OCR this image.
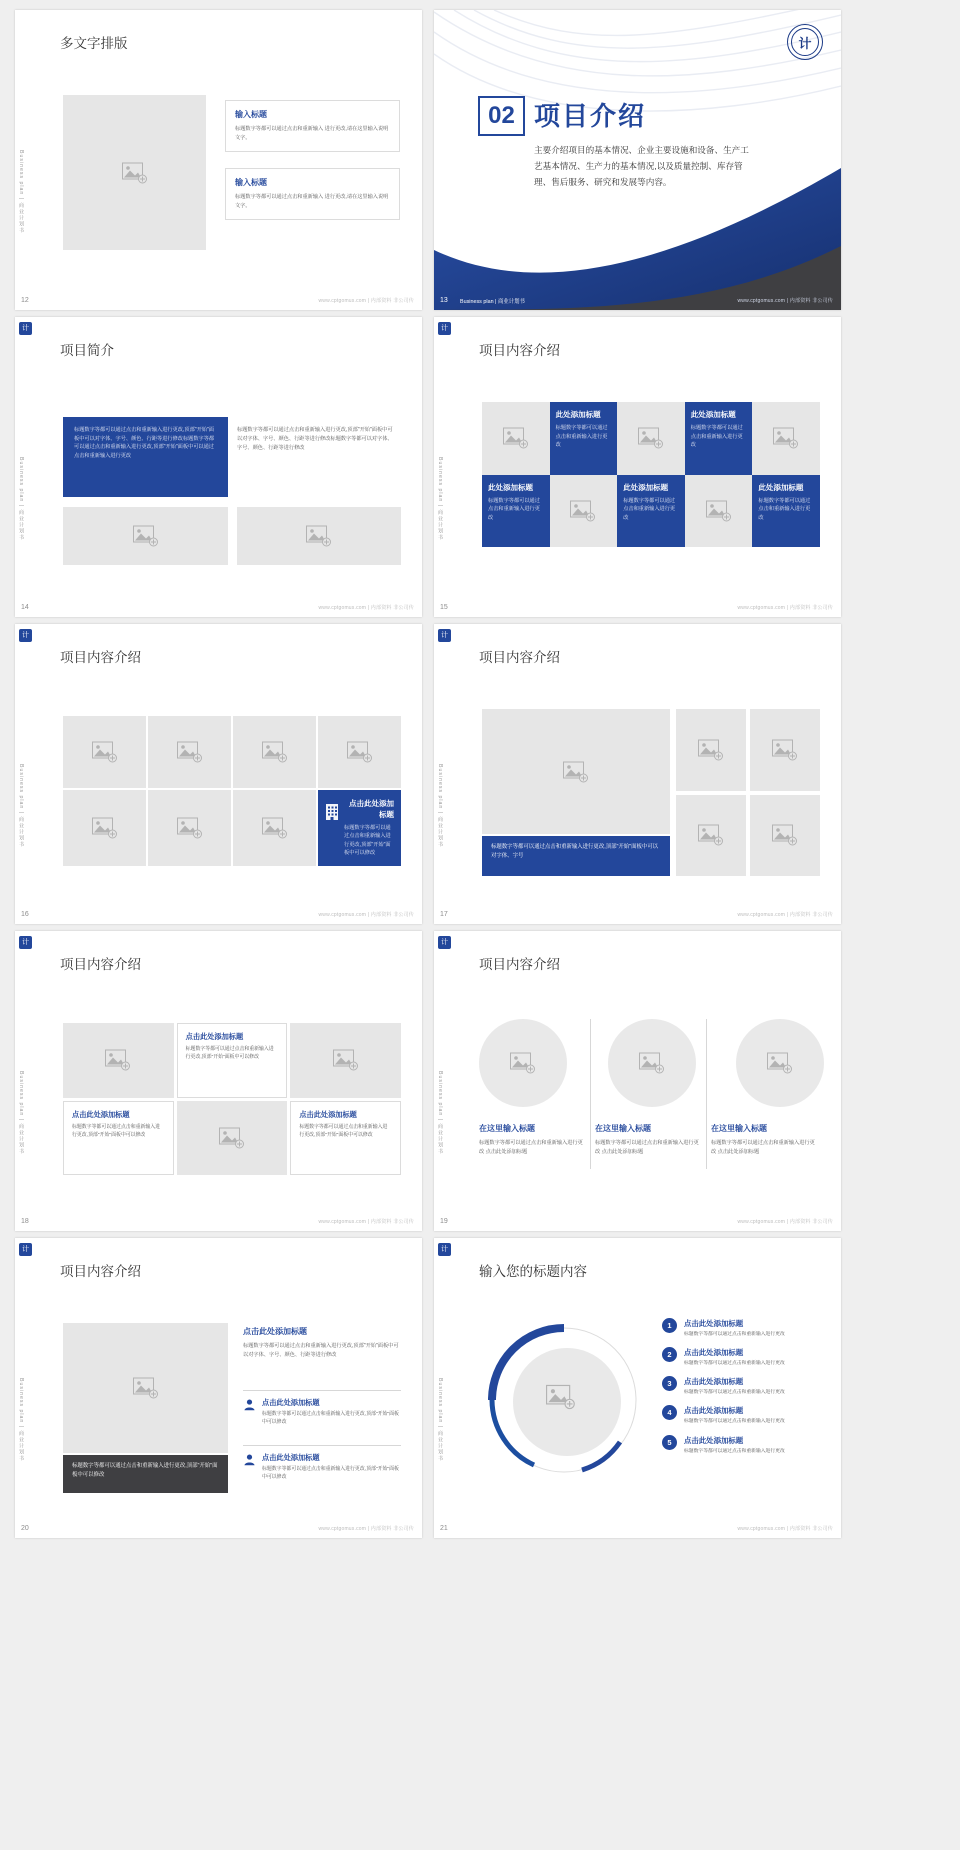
Business plan | 商业计划书
多文字排版
输入标题
标题数字等都可以通过点击和重新输入 进行更改,请在这里输入说明文字。
输入标题
标题数字等都可以通过点击和重新输入 进行更改,请在这里输入说明文字。
12	www.cptgomus.com | 内部资料 非公司传
计
02 项目介绍
主要介绍项目的基本情况、企业主要设施和设备、生产工艺基本情况、生产力的基本情况,以及质量控制、库存管理、售后服务、研究和发展等内容。
13 Business plan | 商业计划书	www.cptgomus.com | 内部资料 非公司传
计
Business plan | 商业计划书
项目简介
标题数字等都可以通过点击和重新输入进行更改,顶部"开始"面板中可以对字体、字号、颜色、行距等进行修改标题数字等都可以通过点击和重新输入进行更改,顶部"开始"面板中可以通过点击和重新输入进行更改
标题数字等都可以通过点击和重新输入进行更改,顶部"开始"面板中可以对字体、字号、颜色、行距等进行修改标题数字等都可以对字体、字号、颜色、行距等进行修改
14	www.cptgomus.com | 内部资料 非公司传
计
Business plan | 商业计划书
项目内容介绍
此处添加标题
标题数字等都可以通过点击和重新输入进行更改
此处添加标题
标题数字等都可以通过点击和重新输入进行更改
此处添加标题
标题数字等都可以通过点击和重新输入进行更改
此处添加标题
标题数字等都可以通过点击和重新输入进行更改
此处添加标题
标题数字等都可以通过点击和重新输入进行更改
15	www.cptgomus.com | 内部资料 非公司传
计
Business plan | 商业计划书
项目内容介绍
点击此处添加标题
标题数字等都可以通过点击和重新输入进行更改,顶部"开始"面板中可以修改
16	www.cptgomus.com | 内部资料 非公司传
计
Business plan | 商业计划书
项目内容介绍
标题数字等都可以通过点击和重新输入进行更改,顶部"开始"面板中可以对字体、字号
17	www.cptgomus.com | 内部资料 非公司传
计
Business plan | 商业计划书
项目内容介绍
点击此处添加标题
标题数字等都可以通过点击和重新输入进行更改,顶部"开始"面板中可以修改
点击此处添加标题
标题数字等都可以通过点击和重新输入进行更改,顶部"开始"面板中可以修改
点击此处添加标题
标题数字等都可以通过点击和重新输入进行更改,顶部"开始"面板中可以修改
18	www.cptgomus.com | 内部资料 非公司传
计
Business plan | 商业计划书
项目内容介绍
在这里输入标题
标题数字等都可以通过点击和重新输入进行更改 点击此处添加标题
在这里输入标题
标题数字等都可以通过点击和重新输入进行更改 点击此处添加标题
在这里输入标题
标题数字等都可以通过点击和重新输入进行更改 点击此处添加标题
19	www.cptgomus.com | 内部资料 非公司传
计
Business plan | 商业计划书
项目内容介绍
标题数字等都可以通过点击和重新输入进行更改,顶部"开始"面板中可以修改
点击此处添加标题
标题数字等都可以通过点击和重新输入进行更改,顶部"开始"面板中可以对字体、字号、颜色、行距等进行修改
点击此处添加标题
标题数字等都可以通过点击和重新输入进行更改,顶部"开始"面板中可以修改
点击此处添加标题
标题数字等都可以通过点击和重新输入进行更改,顶部"开始"面板中可以修改
20	www.cptgomus.com | 内部资料 非公司传
计
Business plan | 商业计划书
输入您的标题内容
1	点击此处添加标题
标题数字等都可以通过点击和重新输入进行更改
2	点击此处添加标题
标题数字等都可以通过点击和重新输入进行更改
3	点击此处添加标题
标题数字等都可以通过点击和重新输入进行更改
4	点击此处添加标题
标题数字等都可以通过点击和重新输入进行更改
5	点击此处添加标题
标题数字等都可以通过点击和重新输入进行更改
21	www.cptgomus.com | 内部资料 非公司传
